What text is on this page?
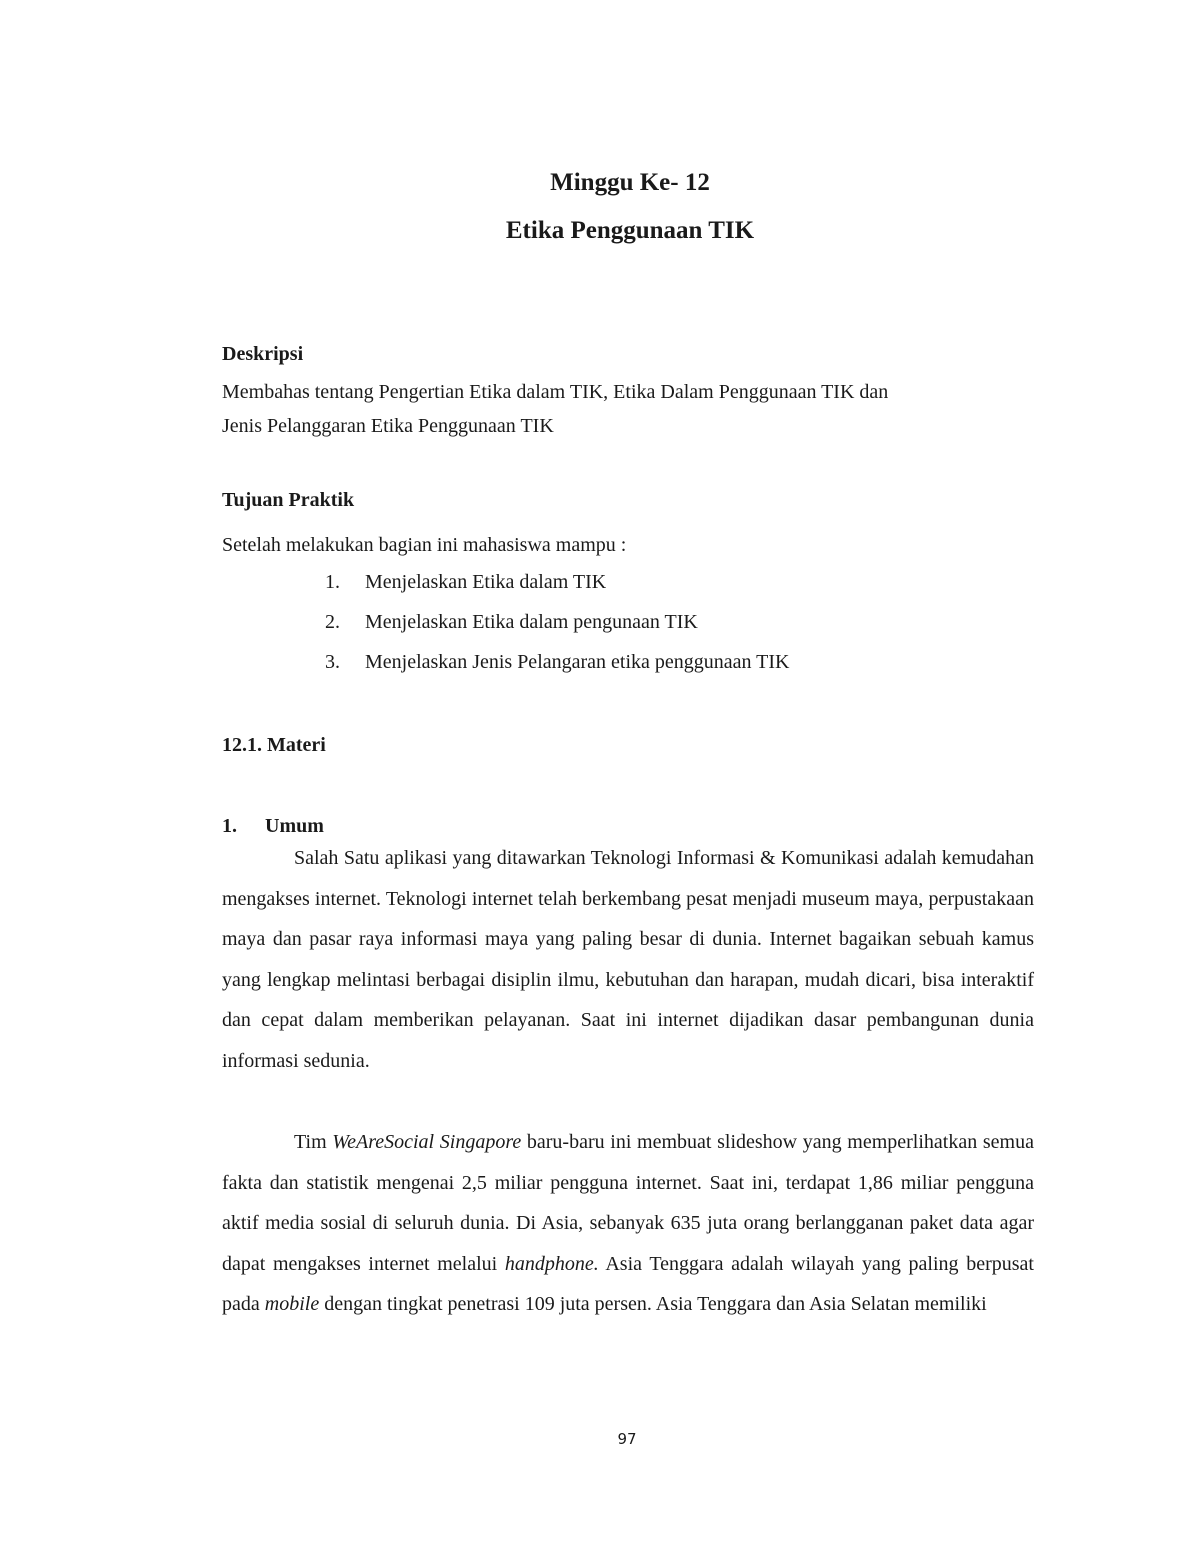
Minggu Ke- 12
Etika Penggunaan TIK
Deskripsi
Membahas tentang Pengertian Etika dalam TIK, Etika Dalam Penggunaan TIK dan
Jenis Pelanggaran Etika Penggunaan TIK
Tujuan Praktik
Setelah melakukan bagian ini mahasiswa mampu :
1.	Menjelaskan Etika dalam TIK
2.	Menjelaskan Etika dalam pengunaan TIK
3.	Menjelaskan Jenis Pelangaran etika penggunaan TIK
12.1. Materi
1.	Umum

Salah Satu aplikasi yang ditawarkan Teknologi Informasi & Komunikasi adalah kemudahan mengakses internet. Teknologi internet telah berkembang pesat menjadi museum maya, perpustakaan maya dan pasar raya informasi maya yang paling besar di dunia. Internet bagaikan sebuah kamus yang lengkap melintasi berbagai disiplin ilmu, kebutuhan dan harapan, mudah dicari, bisa interaktif dan cepat dalam memberikan pelayanan. Saat ini internet dijadikan dasar pembangunan dunia informasi sedunia.

Tim WeAreSocial Singapore baru-baru ini membuat slideshow yang memperlihatkan semua fakta dan statistik mengenai 2,5 miliar pengguna internet. Saat ini, terdapat 1,86 miliar pengguna aktif media sosial di seluruh dunia. Di Asia, sebanyak 635 juta orang berlangganan paket data agar dapat mengakses internet melalui handphone. Asia Tenggara adalah wilayah yang paling berpusat pada mobile dengan tingkat penetrasi 109 juta persen. Asia Tenggara dan Asia Selatan memiliki

97
